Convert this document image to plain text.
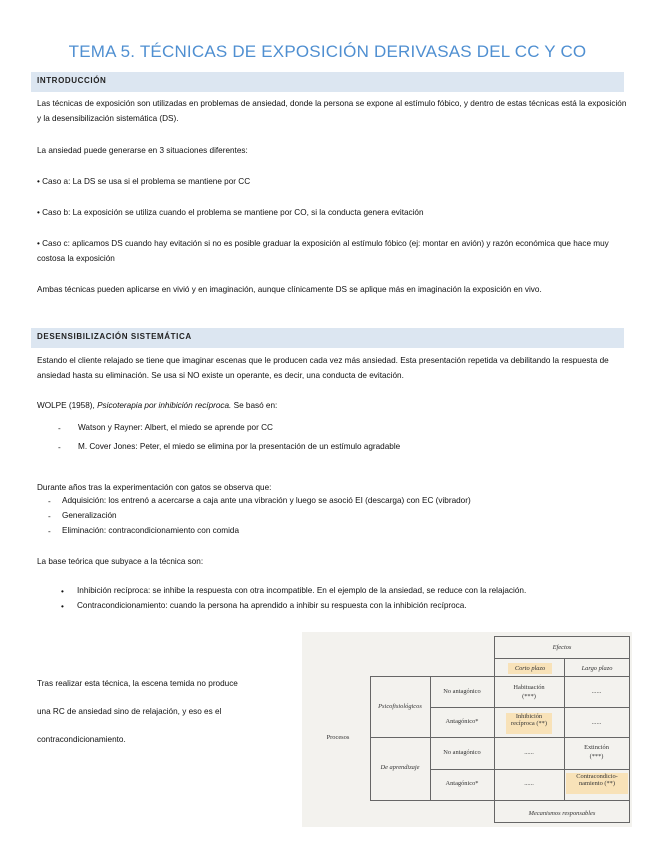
TEMA 5. TÉCNICAS DE EXPOSICIÓN DERIVASAS DEL CC Y CO
INTRODUCCIÓN
Las técnicas de exposición son utilizadas en problemas de ansiedad, donde la persona se expone al estímulo fóbico, y dentro de estas técnicas está la exposición y la desensibilización sistemática (DS).
La ansiedad puede generarse en 3 situaciones diferentes:
• Caso a: La DS se usa si el problema se mantiene por CC
• Caso b: La exposición se utiliza cuando el problema se mantiene por CO, si la conducta genera evitación
• Caso c: aplicamos DS cuando hay evitación si no es posible graduar la exposición al estímulo fóbico (ej: montar en avión) y razón económica que hace muy costosa la exposición
Ambas técnicas pueden aplicarse en vivió y en imaginación, aunque clínicamente DS se aplique más en imaginación la exposición en vivo.
DESENSIBILIZACIÓN SISTEMÁTICA
Estando el cliente relajado se tiene que imaginar escenas que le producen cada vez más ansiedad. Esta presentación repetida va debilitando la respuesta de ansiedad hasta su eliminación. Se usa si NO existe un operante, es decir, una conducta de evitación.
WOLPE (1958), Psicoterapia por inhibición recíproca. Se basó en:
- Watson y Rayner: Albert, el miedo se aprende por CC
- M. Cover Jones: Peter, el miedo se elimina por la presentación de un estímulo agradable
Durante años tras la experimentación con gatos se observa que:
- Adquisición: los entrenó a acercarse a caja ante una vibración y luego se asoció EI (descarga) con EC (vibrador)
- Generalización
- Eliminación: contracondicionamiento con comida
La base teórica que subyace a la técnica son:
• Inhibición recíproca: se inhibe la respuesta con otra incompatible. En el ejemplo de la ansiedad, se reduce con la relajación.
• Contracondicionamiento: cuando la persona ha aprendido a inhibir su respuesta con la inhibición recíproca.
Tras realizar esta técnica, la escena temida no produce
una RC de ansiedad sino de relajación, y eso es el
contracondicionamiento.
Efectos
Corto plazo	Largo plazo
Procesos
Psicofisiológicos
De aprendizaje
No antagónico
Antagónico*
No antagónico
Antagónico*
Habituación
(***)
......
Inhibición
recíproca (**)	......
......
Extinción
(***)
......
Contracondicio-
namiento (**)
Mecanismos responsables
